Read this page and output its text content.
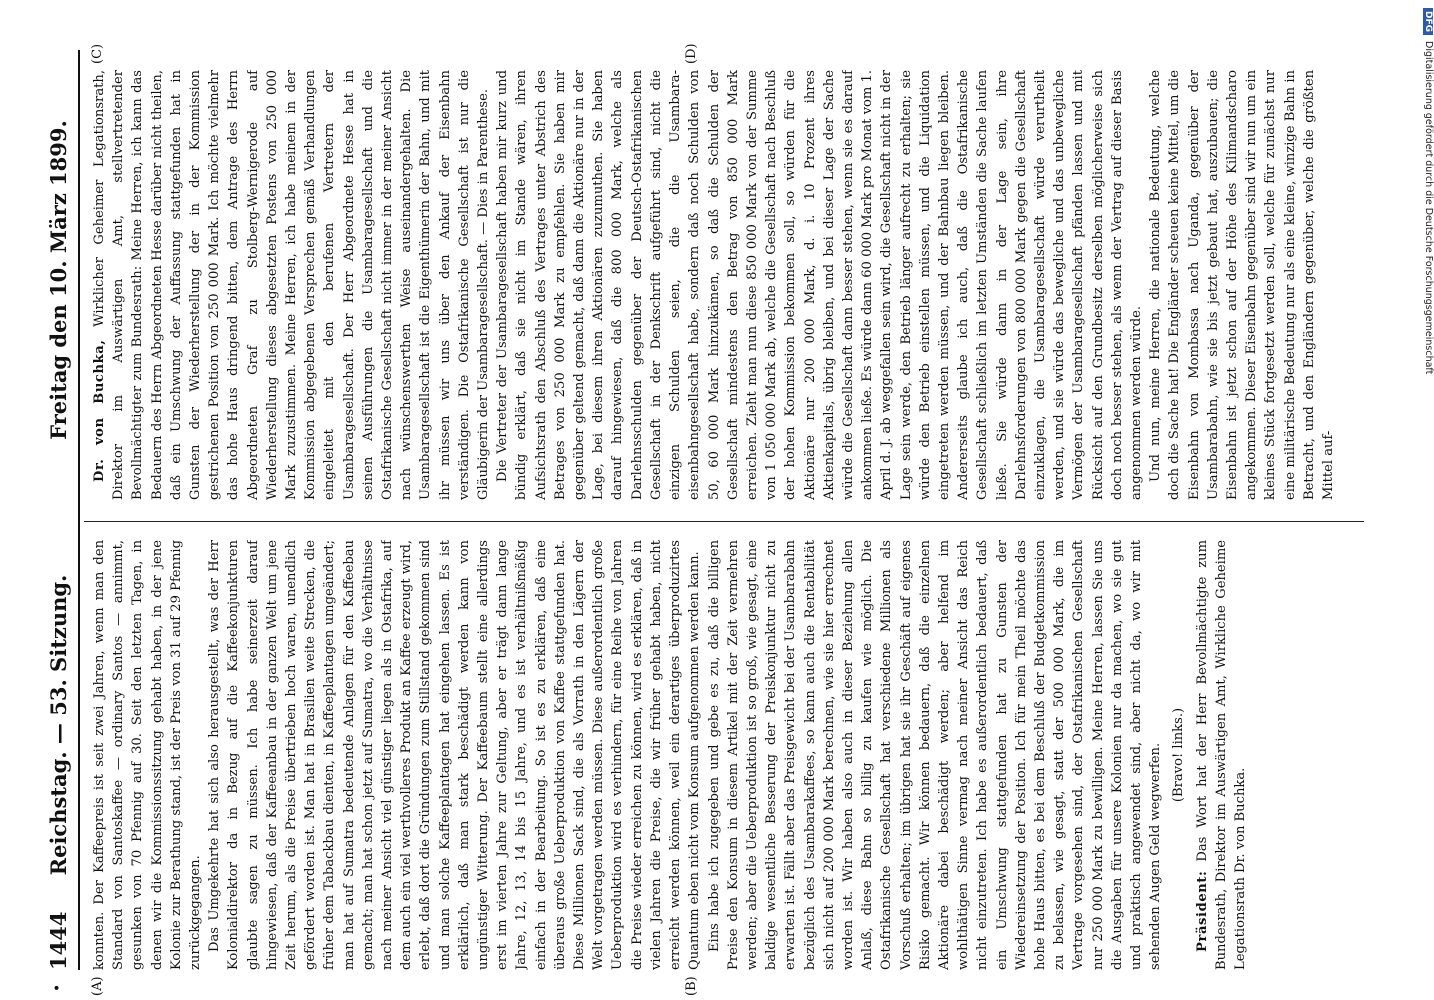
•
1444
Reichstag. — 53. Sitzung.
Freitag den 10. März 1899.
(A)	(B)
(C)	(D)

konnten. Der Kaffeepreis ist seit zwei Jahren, wenn man den Standard von Santoskaffee — ordinary Santos — annimmt, gesunken von 70 Pfennig auf 30. Seit den letzten Tagen, in denen wir die Kommissionssitzung gehabt haben, in der jene Kolonie zur Berathung stand, ist der Preis von 31 auf 29 Pfennig zurückgegangen. Das Umgekehrte hat sich also herausgestellt, was der Herr Kolonialdirektor da in Bezug auf die Kaffeekonjunkturen glaubte sagen zu müssen. Ich habe seinerzeit darauf hingewiesen, daß der Kaffeeanbau in der ganzen Welt um jene Zeit herum, als die Preise übertrieben hoch waren, unendlich gefördert worden ist. Man hat in Brasilien weite Strecken, die früher dem Tabackbau dienten, in Kaffeeplantagen umgeändert; man hat auf Sumatra bedeutende Anlagen für den Kaffeebau gemacht; man hat schon jetzt auf Sumatra, wo die Verhältnisse nach meiner Ansicht viel günstiger liegen als in Ostafrika, auf dem auch ein viel werthvolleres Produkt an Kaffee erzeugt wird, erlebt, daß dort die Gründungen zum Stillstand gekommen sind und man solche Kaffeeplantagen hat eingehen lassen. Es ist erklärlich, daß man stark beschädigt werden kann von ungünstiger Witterung. Der Kaffeebaum stellt eine allerdings erst im vierten Jahre zur Geltung, aber er trägt dann lange Jahre, 12, 13, 14 bis 15 Jahre, und es ist verhältnißmäßig einfach in der Bearbeitung. So ist es zu erklären, daß eine überaus große Ueberproduktion von Kaffee stattgefunden hat. Diese Millionen Sack sind, die als Vorrath in den Lägern der Welt vorgetragen werden müssen. Diese außerordentlich große Ueberproduktion wird es verhindern, für eine Reihe von Jahren die Preise wieder erreichen zu können, wird es erklären, daß in vielen Jahren die Preise, die wir früher gehabt haben, nicht erreicht werden können, weil ein derartiges überproduzirtes Quantum eben nicht vom Konsum aufgenommen werden kann. Eins habe ich zugegeben und gebe es zu, daß die billigen Preise den Konsum in diesem Artikel mit der Zeit vermehren werden; aber die Ueberproduktion ist so groß, wie gesagt, eine baldige wesentliche Besserung der Preiskonjunktur nicht zu erwarten ist. Fällt aber das Preisgewicht bei der Usambarabahn bezüglich des Usambarakaffees, so kann auch die Rentabilität sich nicht auf 200 000 Mark berechnen, wie sie hier errechnet worden ist. Wir haben also auch in dieser Beziehung allen Anlaß, diese Bahn so billig zu kaufen wie möglich. Die Ostafrikanische Gesellschaft hat verschiedene Millionen als Vorschuß erhalten; im übrigen hat sie ihr Geschäft auf eigenes Risiko gemacht. Wir können bedauern, daß die einzelnen Aktionäre dabei beschädigt werden; aber helfend im wohlthätigen Sinne vermag nach meiner Ansicht das Reich nicht einzutreten. Ich habe es außerordentlich bedauert, daß ein Umschwung stattgefunden hat zu Gunsten der Wiedereinsetzung der Position. Ich für mein Theil möchte das hohe Haus bitten, es bei dem Beschluß der Budgetkommission zu belassen, wie gesagt, statt der 500 000 Mark, die im Vertrage vorgesehen sind, der Ostafrikanischen Gesellschaft nur 250 000 Mark zu bewilligen. Meine Herren, lassen Sie uns die Ausgaben für unsere Kolonien nur da machen, wo sie gut und praktisch angewendet sind, aber nicht da, wo wir mit sehenden Augen Geld wegwerfen. (Bravo! links.)

Präsident: Das Wort hat der Herr Bevollmächtigte zum Bundesrath, Direktor im Auswärtigen Amt, Wirkliche Geheime Legationsrath Dr. von Buchka.

Dr. von Buchka, Wirklicher Geheimer Legationsrath, Direktor im Auswärtigen Amt, stellvertretender Bevollmächtigter zum Bundesrath: Meine Herren, ich kann das Bedauern des Herrn Abgeordneten Hesse darüber nicht theilen, daß ein Umschwung der Auffassung stattgefunden hat in Gunsten der Wiederherstellung der in der Kommission gestrichenen Position von 250 000 Mark. Ich möchte vielmehr das hohe Haus dringend bitten, dem Antrage des Herrn Abgeordneten Graf zu Stolberg-Wernigerode auf Wiederherstellung dieses abgesetzten Postens von 250 000 Mark zuzustimmen. Meine Herren, ich habe meinem in der Kommission abgegebenen Versprechen gemäß Verhandlungen eingeleitet mit den berufenen Vertretern der Usambaragesellschaft. Der Herr Abgeordnete Hesse hat in seinen Ausführungen die Usambaragesellschaft und die Ostafrikanische Gesellschaft nicht immer in der meiner Ansicht nach wünschenswerthen Weise auseinandergehalten. Die Usambaragesellschaft ist die Eigenthümerin der Bahn, und mit ihr müssen wir uns über den Ankauf der Eisenbahn verständigen. Die Ostafrikanische Gesellschaft ist nur die Gläubigerin der Usambaragesellschaft. — Dies in Parenthese. Die Vertreter der Usambaragesellschaft haben mir kurz und bündig erklärt, daß sie nicht im Stande wären, ihren Aufsichtsrath den Abschluß des Vertrages unter Abstrich des Betrages von 250 000 Mark zu empfehlen. Sie haben mir gegenüber geltend gemacht, daß dann die Aktionäre nur in der Lage, bei diesem ihren Aktionären zuzumuthen. Sie haben darauf hingewiesen, daß die 800 000 Mark, welche als Darlehnsschulden gegenüber der Deutsch-Ostafrikanischen Gesellschaft in der Denkschrift aufgeführt sind, nicht die einzigen Schulden seien, die die Usambara-eisenbahngesellschaft habe, sondern daß noch Schulden von 50, 60 000 Mark hinzukämen, so daß die Schulden der Gesellschaft mindestens den Betrag von 850 000 Mark erreichen. Zieht man nun diese 850 000 Mark von der Summe von 1 050 000 Mark ab, welche die Gesellschaft nach Beschluß der hohen Kommission bekommen soll, so würden für die Aktionäre nur 200 000 Mark, d. i. 10 Prozent ihres Aktienkapitals, übrig bleiben, und bei dieser Lage der Sache würde die Gesellschaft dann besser stehen, wenn sie es darauf ankommen ließe. Es würde dann 60 000 Mark pro Monat vom 1. April d. J. ab weggefallen sein wird, die Gesellschaft nicht in der Lage sein werde, den Betrieb länger aufrecht zu erhalten; sie würde den Betrieb einstellen müssen, und die Liquidation eingetreten werden müssen, und der Bahnbau liegen bleiben. Andererseits glaube ich auch, daß die Ostafrikanische Gesellschaft schließlich im letzten Umständen die Sache laufen ließe. Sie würde dann in der Lage sein, ihre Darlehnsforderungen von 800 000 Mark gegen die Gesellschaft einzuklagen, die Usambaragesellschaft würde verurtheilt werden, und sie würde das bewegliche und das unbewegliche Vermögen der Usambaragesellschaft pfänden lassen und mit Rücksicht auf den Grundbesitz derselben möglicherweise sich doch noch besser stehen, als wenn der Vertrag auf dieser Basis angenommen werden würde. Und nun, meine Herren, die nationale Bedeutung, welche doch die Sache hat! Die Engländer scheuen keine Mittel, um die Eisenbahn von Mombassa nach Uganda, gegenüber der Usambarabahn, wie sie bis jetzt gebaut hat, auszubauen; die Eisenbahn ist jetzt schon auf der Höhe des Kilimandscharo angekommen. Dieser Eisenbahn gegenüber sind wir nun um ein kleines Stück fortgesetzt werden soll, welche für zunächst nur eine militärische Bedeutung nur als eine kleine, winzige Bahn in Betracht, und den Engländern gegenüber, welche die größten Mittel auf-

DFGDigitalisierung gefördert durch die Deutsche Forschungsgemeinschaft
